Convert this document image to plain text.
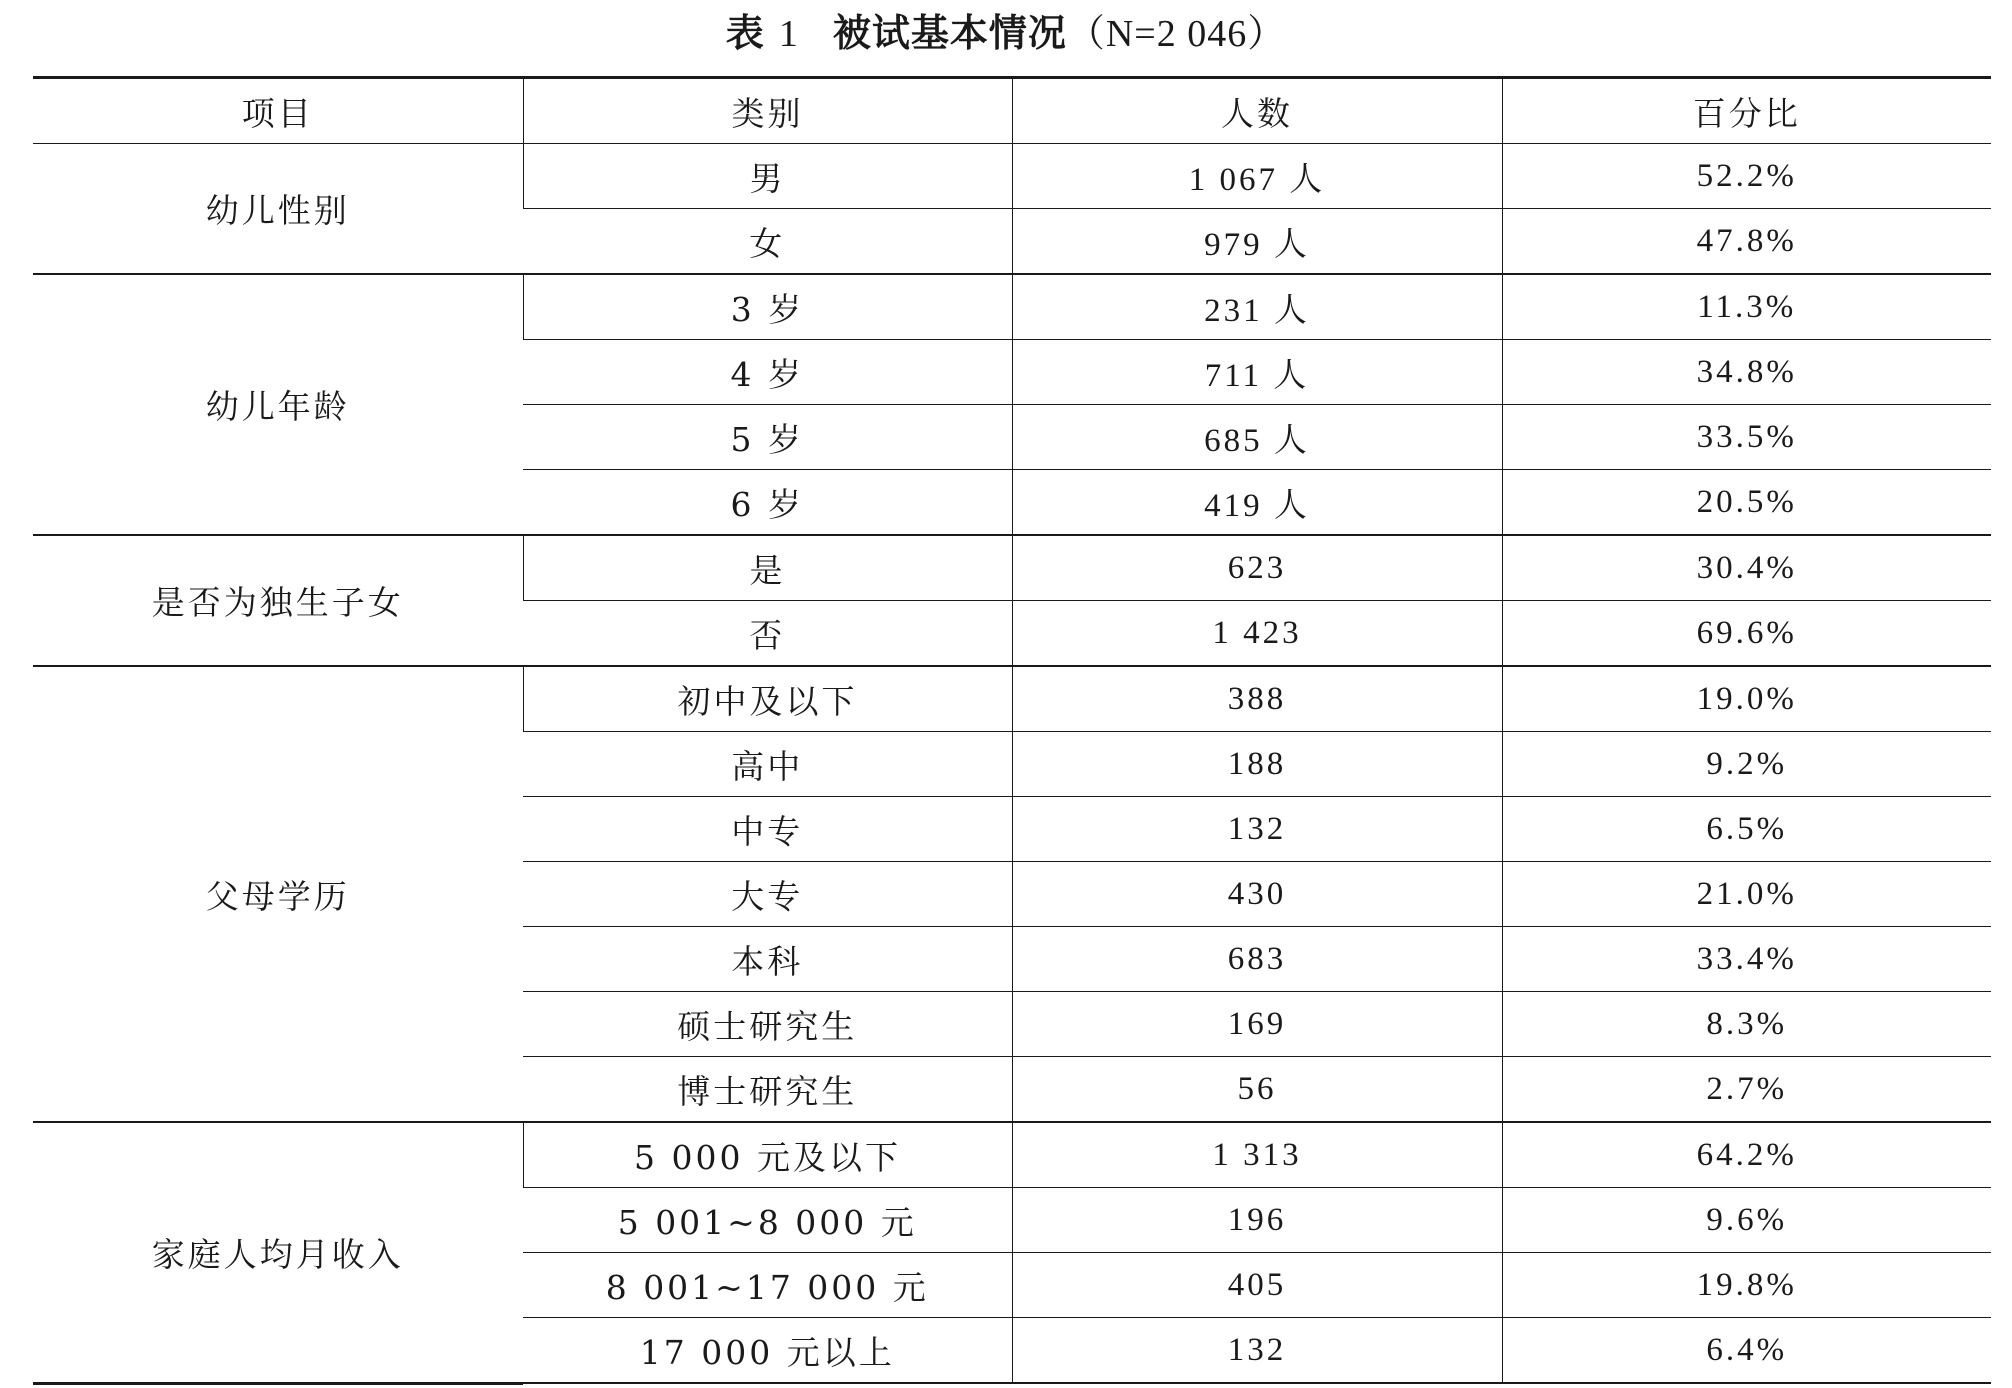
表 1 被试基本情况（N=2 046）
项目	类别	人数	百分比
幼儿性别	男	1 067 人	52.2%
	女	979 人	47.8%
幼儿年龄	3 岁	231 人	11.3%
	4 岁	711 人	34.8%
	5 岁	685 人	33.5%
	6 岁	419 人	20.5%
是否为独生子女	是	623	30.4%
	否	1 423	69.6%
父母学历	初中及以下	388	19.0%
	高中	188	9.2%
	中专	132	6.5%
	大专	430	21.0%
	本科	683	33.4%
	硕士研究生	169	8.3%
	博士研究生	56	2.7%
家庭人均月收入	5 000 元及以下	1 313	64.2%
	5 001~8 000 元	196	9.6%
	8 001~17 000 元	405	19.8%
	17 000 元以上	132	6.4%
